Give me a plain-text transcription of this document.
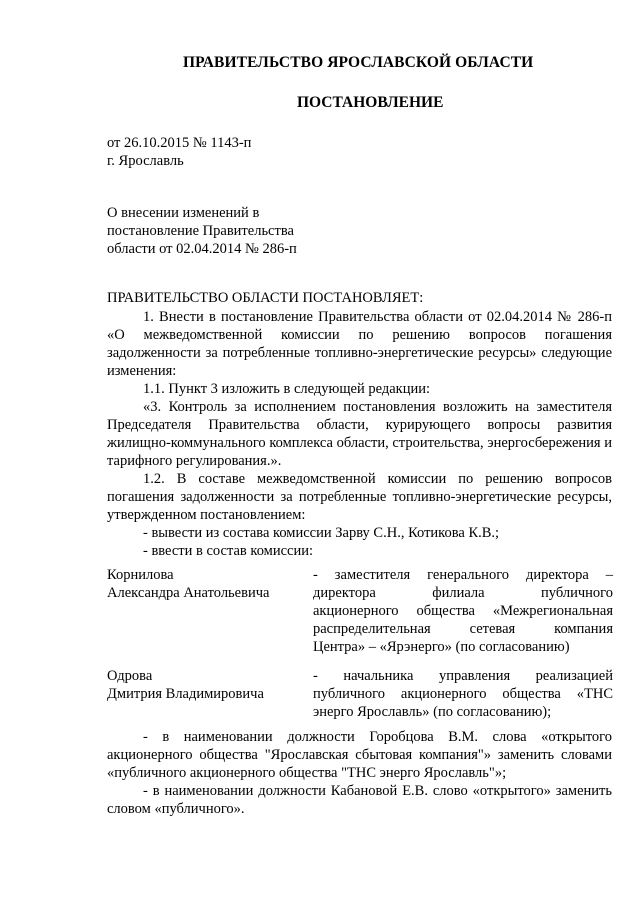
ПРАВИТЕЛЬСТВО ЯРОСЛАВСКОЙ ОБЛАСТИ
ПОСТАНОВЛЕНИЕ
от 26.10.2015 № 1143-п
г. Ярославль
О внесении изменений в
постановление Правительства
области от 02.04.2014 № 286-п
ПРАВИТЕЛЬСТВО ОБЛАСТИ ПОСТАНОВЛЯЕТ:
1. Внести в постановление Правительства области от 02.04.2014 № 286-п «О межведомственной комиссии по решению вопросов погашения задолженности за потребленные топливно-энергетические ресурсы» следующие изменения:
1.1. Пункт 3 изложить в следующей редакции:
«3. Контроль за исполнением постановления возложить на заместителя Председателя Правительства области, курирующего вопросы развития жилищно-коммунального комплекса области, строительства, энергосбережения и тарифного регулирования.».
1.2. В составе межведомственной комиссии по решению вопросов погашения задолженности за потребленные топливно-энергетические ресурсы, утвержденном постановлением:
- вывести из состава комиссии Зарву С.Н., Котикова К.В.;
- ввести в состав комиссии:
Корнилова
Александра Анатольевича
- заместителя генерального директора –
директора филиала публичного
акционерного общества «Межрегиональная
распределительная сетевая компания
Центра» – «Ярэнерго» (по согласованию)
Одрова
Дмитрия Владимировича
- начальника управления реализацией
публичного акционерного общества «ТНС
энерго Ярославль» (по согласованию);
- в наименовании должности Горобцова В.М. слова «открытого акционерного общества "Ярославская сбытовая компания"» заменить словами «публичного акционерного общества "ТНС энерго Ярославль"»;
- в наименовании должности Кабановой Е.В. слово «открытого» заменить словом «публичного».
